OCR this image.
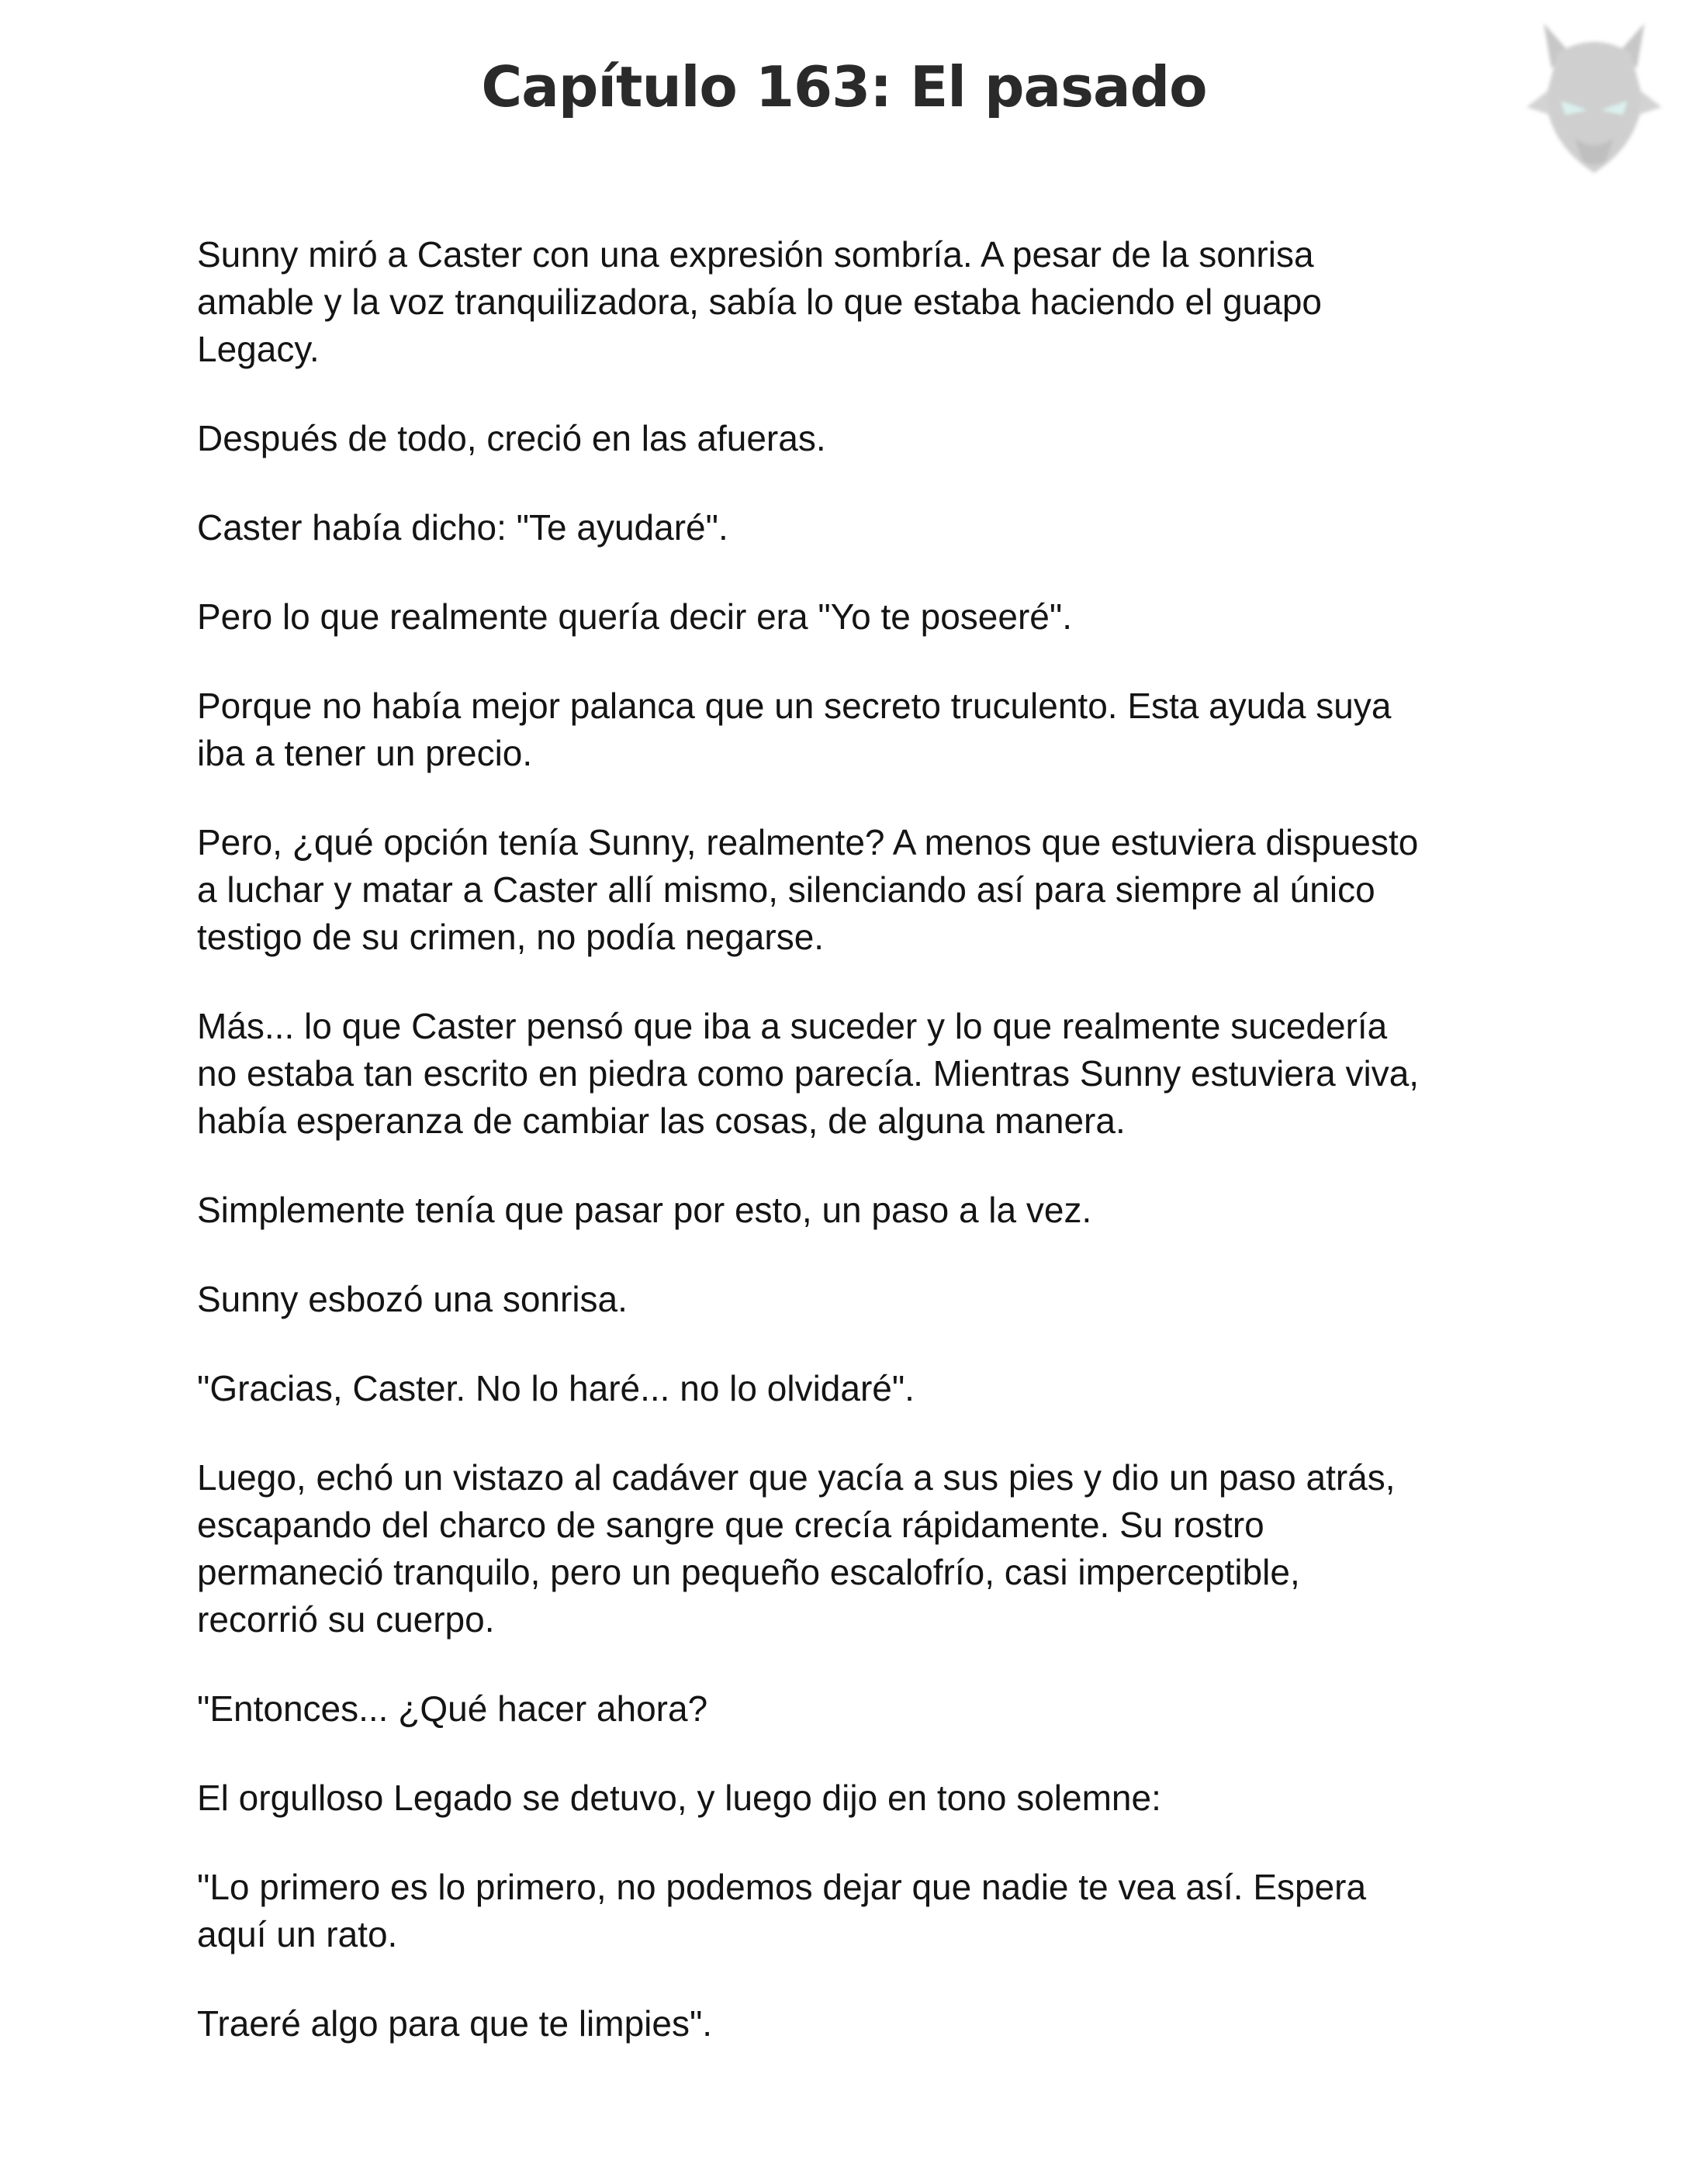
Capítulo 163: El pasado

Sunny miró a Caster con una expresión sombría. A pesar de la sonrisa
amable y la voz tranquilizadora, sabía lo que estaba haciendo el guapo
Legacy.

Después de todo, creció en las afueras.

Caster había dicho: "Te ayudaré".

Pero lo que realmente quería decir era "Yo te poseeré".

Porque no había mejor palanca que un secreto truculento. Esta ayuda suya
iba a tener un precio.

Pero, ¿qué opción tenía Sunny, realmente? A menos que estuviera dispuesto
a luchar y matar a Caster allí mismo, silenciando así para siempre al único
testigo de su crimen, no podía negarse.

Más... lo que Caster pensó que iba a suceder y lo que realmente sucedería
no estaba tan escrito en piedra como parecía. Mientras Sunny estuviera viva,
había esperanza de cambiar las cosas, de alguna manera.

Simplemente tenía que pasar por esto, un paso a la vez.

Sunny esbozó una sonrisa.

"Gracias, Caster. No lo haré... no lo olvidaré".

Luego, echó un vistazo al cadáver que yacía a sus pies y dio un paso atrás,
escapando del charco de sangre que crecía rápidamente. Su rostro
permaneció tranquilo, pero un pequeño escalofrío, casi imperceptible,
recorrió su cuerpo.

"Entonces... ¿Qué hacer ahora?

El orgulloso Legado se detuvo, y luego dijo en tono solemne:

"Lo primero es lo primero, no podemos dejar que nadie te vea así. Espera
aquí un rato.

Traeré algo para que te limpies".
